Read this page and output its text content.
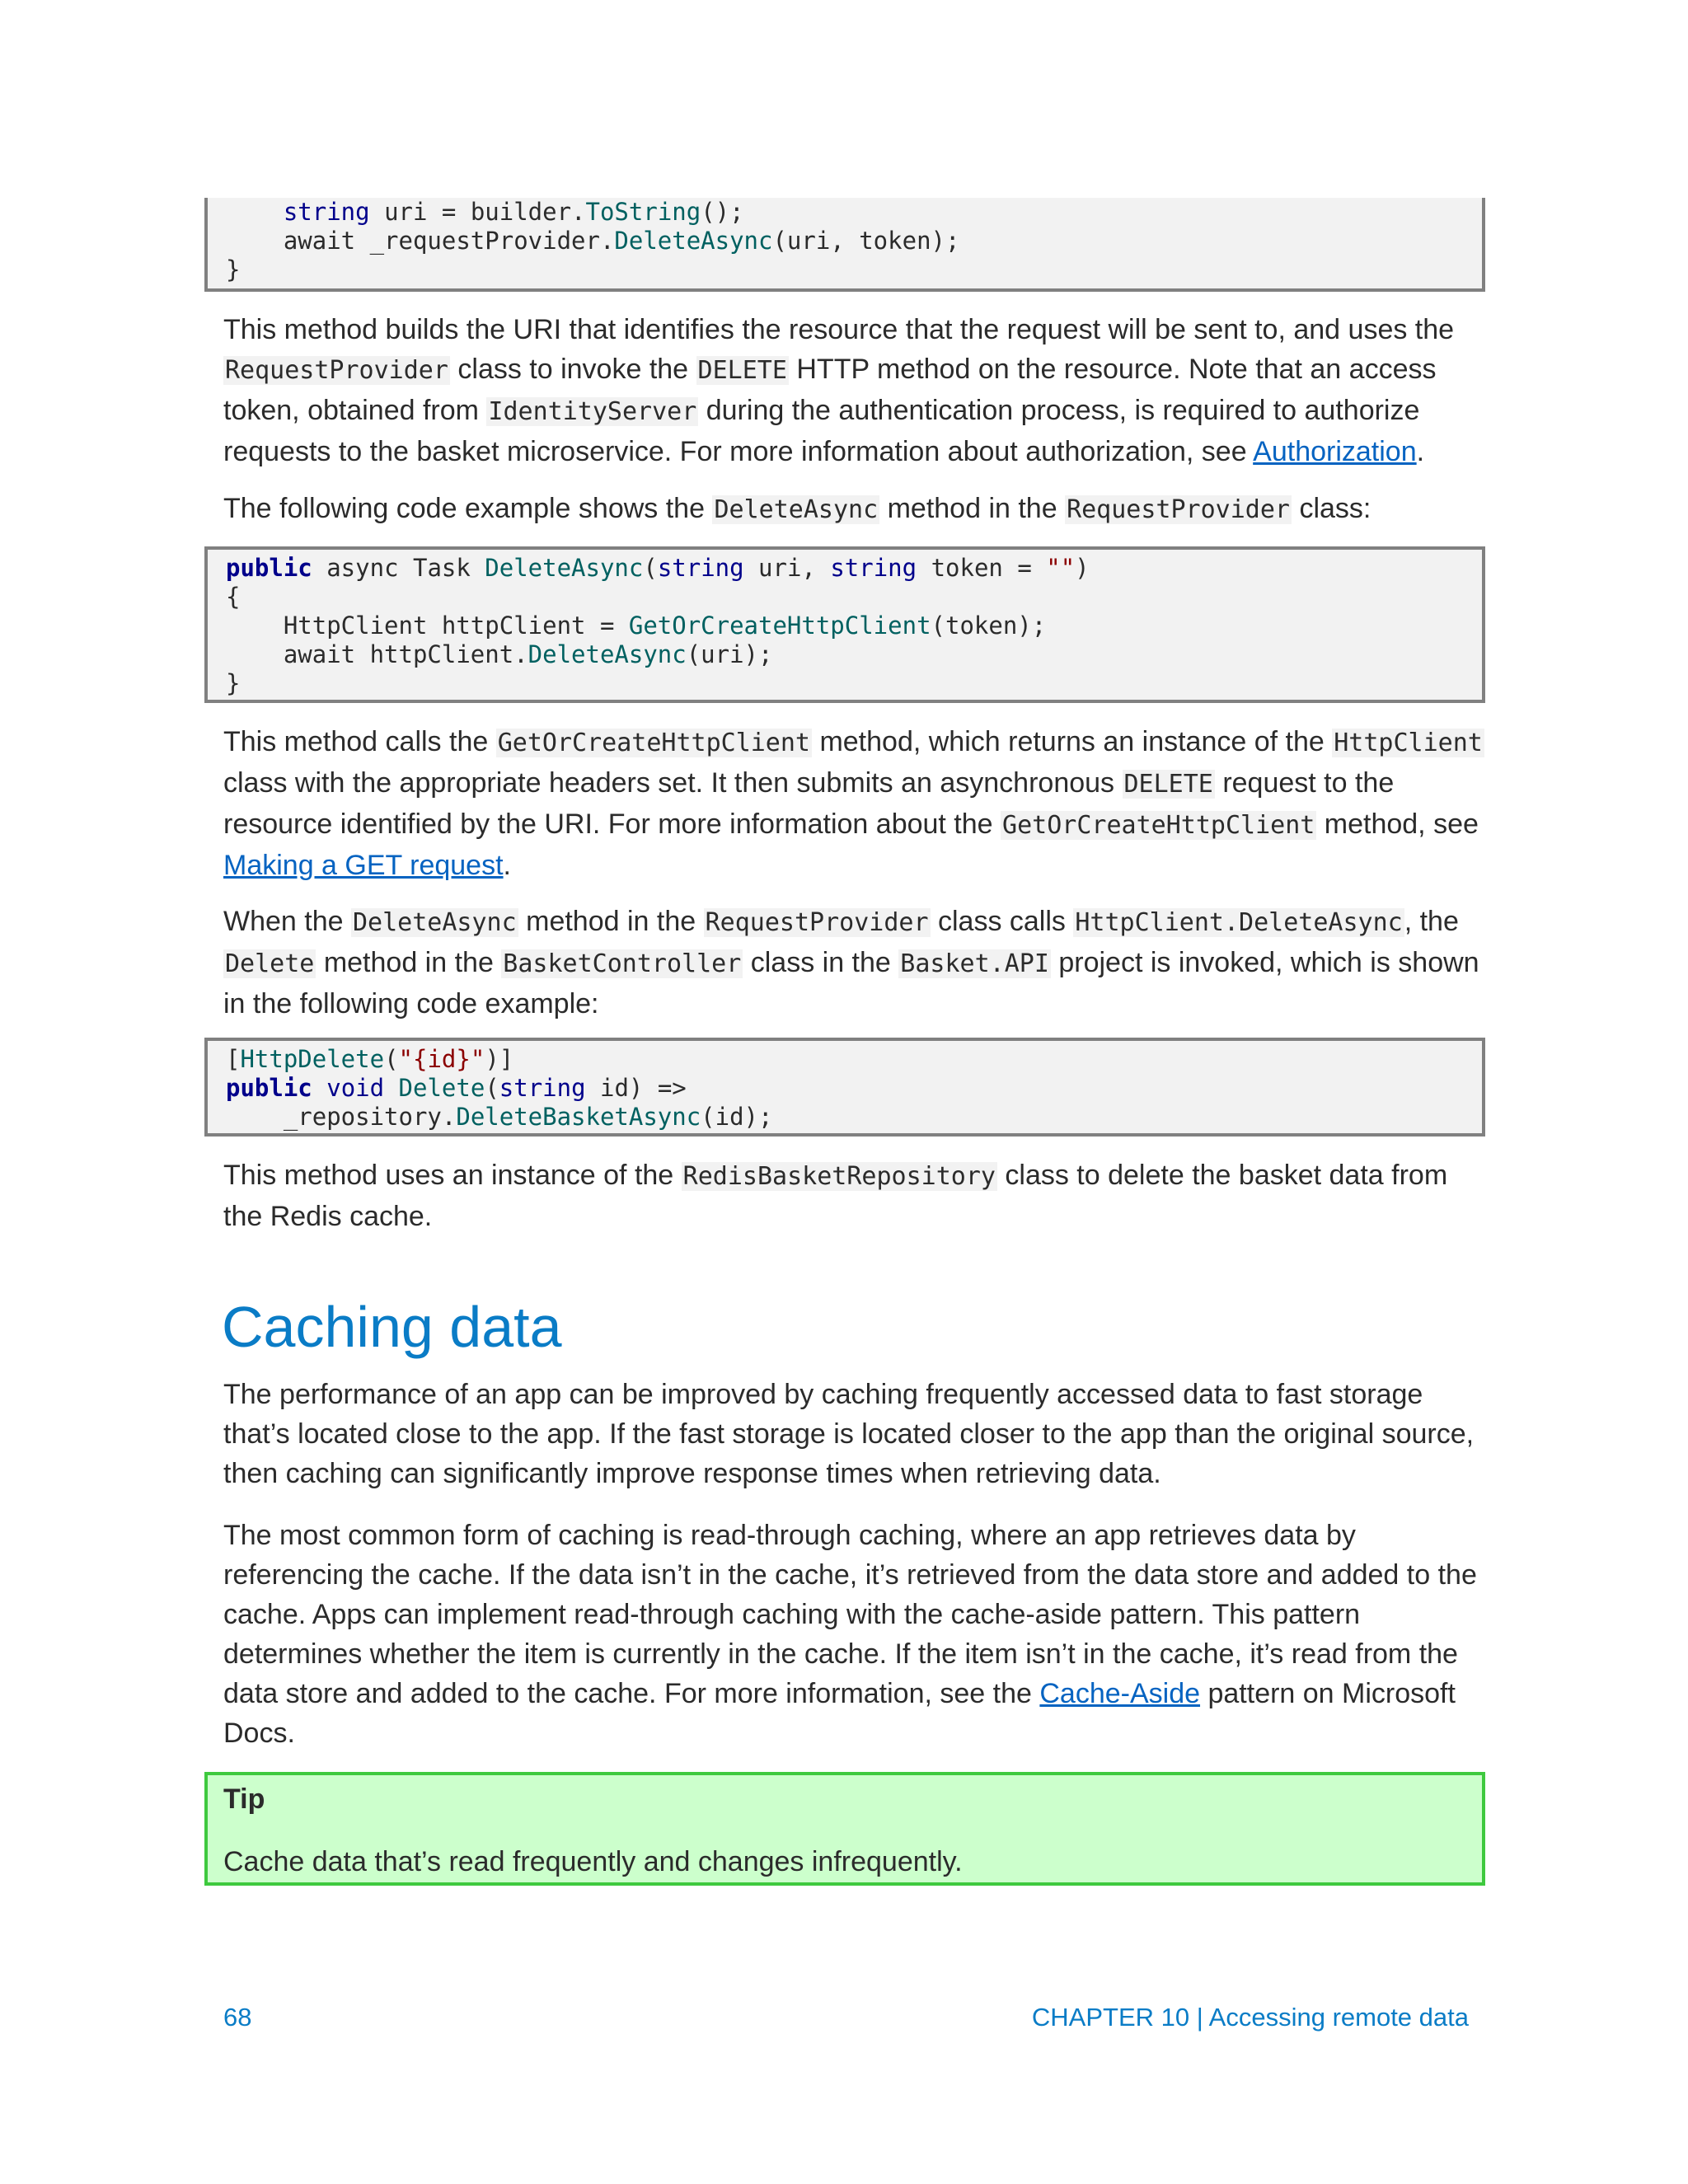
string uri = builder.ToString();
await _requestProvider.DeleteAsync(uri, token);
}

This method builds the URI that identifies the resource that the request will be sent to, and uses the RequestProvider class to invoke the DELETE HTTP method on the resource. Note that an access token, obtained from IdentityServer during the authentication process, is required to authorize requests to the basket microservice. For more information about authorization, see Authorization.

The following code example shows the DeleteAsync method in the RequestProvider class:

public async Task DeleteAsync(string uri, string token = "")
{
HttpClient httpClient = GetOrCreateHttpClient(token);
await httpClient.DeleteAsync(uri);
}

This method calls the GetOrCreateHttpClient method, which returns an instance of the HttpClient class with the appropriate headers set. It then submits an asynchronous DELETE request to the resource identified by the URI. For more information about the GetOrCreateHttpClient method, see Making a GET request.

When the DeleteAsync method in the RequestProvider class calls HttpClient.DeleteAsync, the Delete method in the BasketController class in the Basket.API project is invoked, which is shown in the following code example:

[HttpDelete("{id}")]
public void Delete(string id) =>
_repository.DeleteBasketAsync(id);

This method uses an instance of the RedisBasketRepository class to delete the basket data from the Redis cache.

Caching data

The performance of an app can be improved by caching frequently accessed data to fast storage that’s located close to the app. If the fast storage is located closer to the app than the original source, then caching can significantly improve response times when retrieving data.

The most common form of caching is read-through caching, where an app retrieves data by referencing the cache. If the data isn’t in the cache, it’s retrieved from the data store and added to the cache. Apps can implement read-through caching with the cache-aside pattern. This pattern determines whether the item is currently in the cache. If the item isn’t in the cache, it’s read from the data store and added to the cache. For more information, see the Cache-Aside pattern on Microsoft Docs.

Tip
Cache data that’s read frequently and changes infrequently.
68	CHAPTER 10 | Accessing remote data
